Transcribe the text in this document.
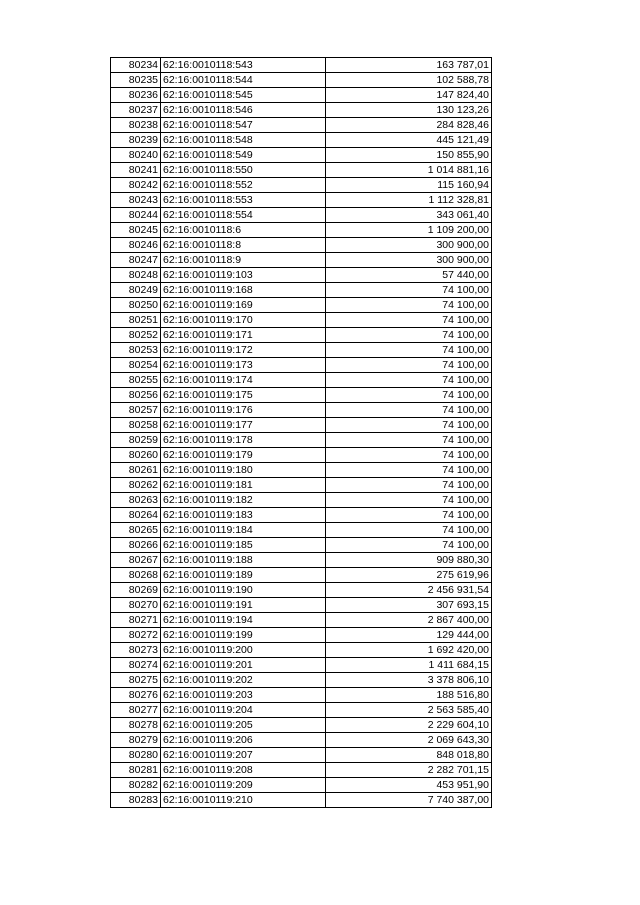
80234	62:16:0010118:543	163 787,01
80235	62:16:0010118:544	102 588,78
80236	62:16:0010118:545	147 824,40
80237	62:16:0010118:546	130 123,26
80238	62:16:0010118:547	284 828,46
80239	62:16:0010118:548	445 121,49
80240	62:16:0010118:549	150 855,90
80241	62:16:0010118:550	1 014 881,16
80242	62:16:0010118:552	115 160,94
80243	62:16:0010118:553	1 112 328,81
80244	62:16:0010118:554	343 061,40
80245	62:16:0010118:6	1 109 200,00
80246	62:16:0010118:8	300 900,00
80247	62:16:0010118:9	300 900,00
80248	62:16:0010119:103	57 440,00
80249	62:16:0010119:168	74 100,00
80250	62:16:0010119:169	74 100,00
80251	62:16:0010119:170	74 100,00
80252	62:16:0010119:171	74 100,00
80253	62:16:0010119:172	74 100,00
80254	62:16:0010119:173	74 100,00
80255	62:16:0010119:174	74 100,00
80256	62:16:0010119:175	74 100,00
80257	62:16:0010119:176	74 100,00
80258	62:16:0010119:177	74 100,00
80259	62:16:0010119:178	74 100,00
80260	62:16:0010119:179	74 100,00
80261	62:16:0010119:180	74 100,00
80262	62:16:0010119:181	74 100,00
80263	62:16:0010119:182	74 100,00
80264	62:16:0010119:183	74 100,00
80265	62:16:0010119:184	74 100,00
80266	62:16:0010119:185	74 100,00
80267	62:16:0010119:188	909 880,30
80268	62:16:0010119:189	275 619,96
80269	62:16:0010119:190	2 456 931,54
80270	62:16:0010119:191	307 693,15
80271	62:16:0010119:194	2 867 400,00
80272	62:16:0010119:199	129 444,00
80273	62:16:0010119:200	1 692 420,00
80274	62:16:0010119:201	1 411 684,15
80275	62:16:0010119:202	3 378 806,10
80276	62:16:0010119:203	188 516,80
80277	62:16:0010119:204	2 563 585,40
80278	62:16:0010119:205	2 229 604,10
80279	62:16:0010119:206	2 069 643,30
80280	62:16:0010119:207	848 018,80
80281	62:16:0010119:208	2 282 701,15
80282	62:16:0010119:209	453 951,90
80283	62:16:0010119:210	7 740 387,00
